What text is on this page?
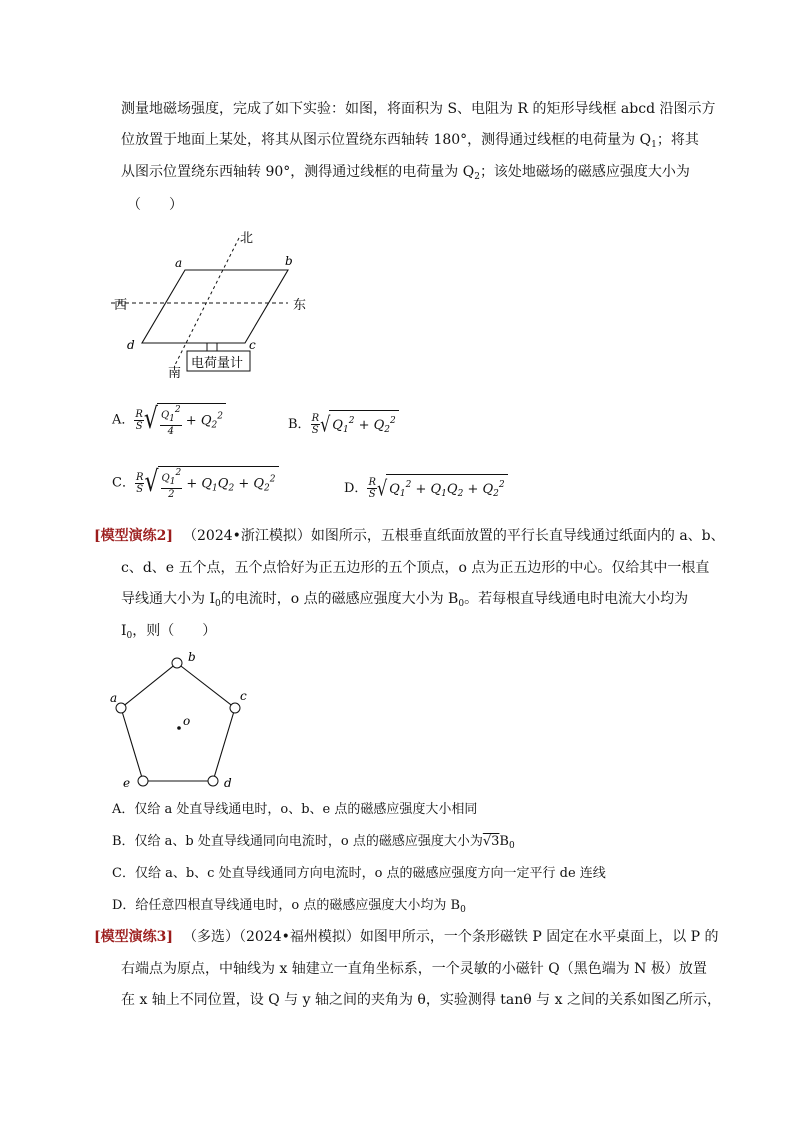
测量地磁场强度，完成了如下实验：如图，将面积为 S、电阻为 R 的矩形导线框 abcd 沿图示方
位放置于地面上某处，将其从图示位置绕东西轴转 180°，测得通过线框的电荷量为 $Q_1$；将其
从图示位置绕东西轴转 90°，测得通过线框的电荷量为 $Q_2$；该处地磁场的磁感应强度大小为
（　　）
电荷量计
北
南
西	东
a	b
c
d
A． $\frac{R}{S}$ √ $\frac{Q12}{4} + Q_2^2$
B． $\frac{R}{S}$ √ $Q_1^2 + Q_2^2$
C． $\frac{R}{S}$ √ $\frac{Q12}{2} + Q_1Q_2 + Q_2^2$
D． $\frac{R}{S}$ √ $Q_1^2 + Q_1Q_2 + Q_2^2$
[模型演练2] （2024•浙江模拟）如图所示，五根垂直纸面放置的平行长直导线通过纸面内的 a、b、
c、d、e 五个点，五个点恰好为正五边形的五个顶点，o 点为正五边形的中心。仅给其中一根直
导线通大小为 $I_0$的电流时，o 点的磁感应强度大小为 $B_0$。若每根直导线通电时电流大小均为
$I_0$，则（　　）
o
b
c
d
e
a
A．仅给 a 处直导线通电时，o、b、e 点的磁感应强度大小相同
B．仅给 a、b 处直导线通同向电流时，o 点的磁感应强度大小为$√3B_0$
C．仅给 a、b、c 处直导线通同方向电流时，o 点的磁感应强度方向一定平行 de 连线
D．给任意四根直导线通电时，o 点的磁感应强度大小均为 $B_0$
[模型演练3] （多选）（2024•福州模拟）如图甲所示，一个条形磁铁 P 固定在水平桌面上，以 P 的
右端点为原点，中轴线为 x 轴建立一直角坐标系，一个灵敏的小磁针 Q（黑色端为 N 极）放置
在 x 轴上不同位置，设 Q 与 y 轴之间的夹角为 θ，实验测得 tanθ 与 x 之间的关系如图乙所示，
